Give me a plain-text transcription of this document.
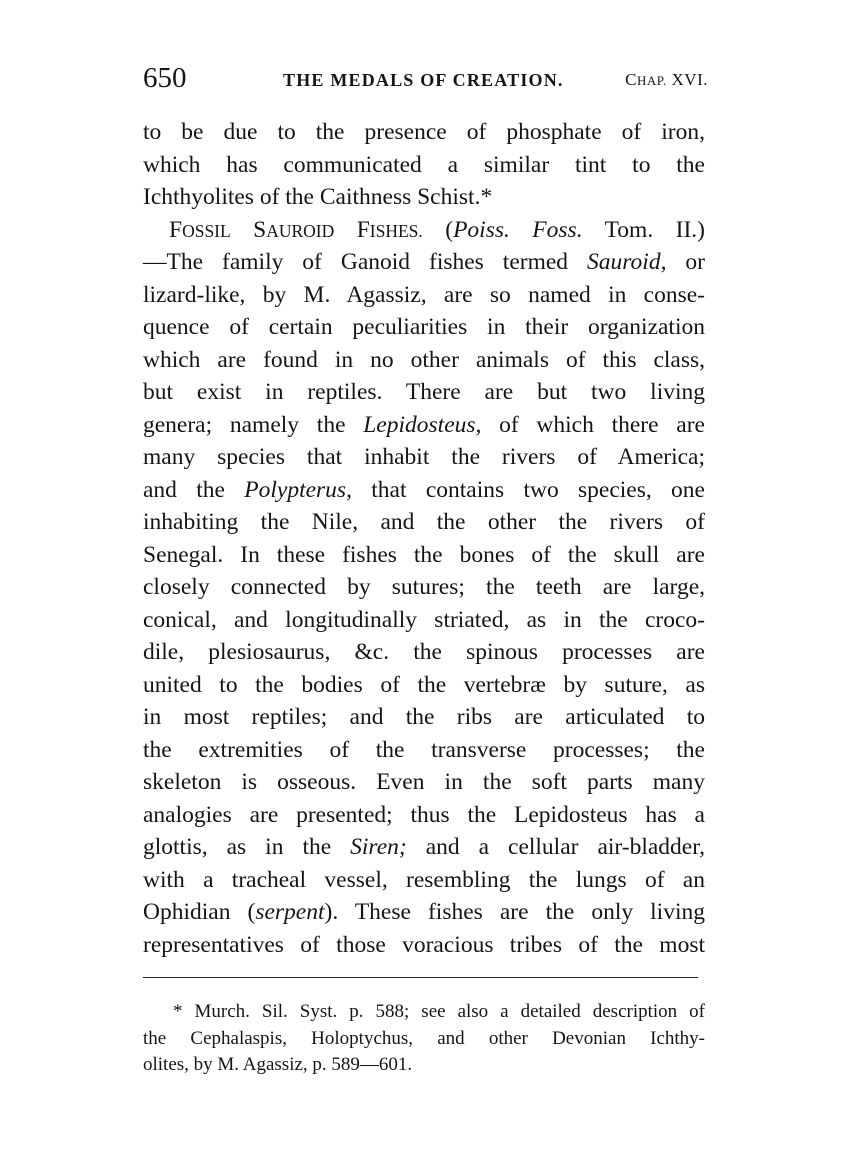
650	THE MEDALS OF CREATION.	CHAP. XVI.
to be due to the presence of phosphate of iron,
which has communicated a similar tint to the
Ichthyolites of the Caithness Schist.*
FOSSIL SAUROID FISHES. (Poiss. Foss. Tom. II.)
—The family of Ganoid fishes termed Sauroid, or
lizard-like, by M. Agassiz, are so named in conse-
quence of certain peculiarities in their organization
which are found in no other animals of this class,
but exist in reptiles. There are but two living
genera; namely the Lepidosteus, of which there are
many species that inhabit the rivers of America;
and the Polypterus, that contains two species, one
inhabiting the Nile, and the other the rivers of
Senegal. In these fishes the bones of the skull are
closely connected by sutures; the teeth are large,
conical, and longitudinally striated, as in the croco-
dile, plesiosaurus, &c. the spinous processes are
united to the bodies of the vertebræ by suture, as
in most reptiles; and the ribs are articulated to
the extremities of the transverse processes; the
skeleton is osseous. Even in the soft parts many
analogies are presented; thus the Lepidosteus has a
glottis, as in the Siren; and a cellular air-bladder,
with a tracheal vessel, resembling the lungs of an
Ophidian (serpent). These fishes are the only living
representatives of those voracious tribes of the most
* Murch. Sil. Syst. p. 588; see also a detailed description of
the Cephalaspis, Holoptychus, and other Devonian Ichthy-
olites, by M. Agassiz, p. 589—601.
